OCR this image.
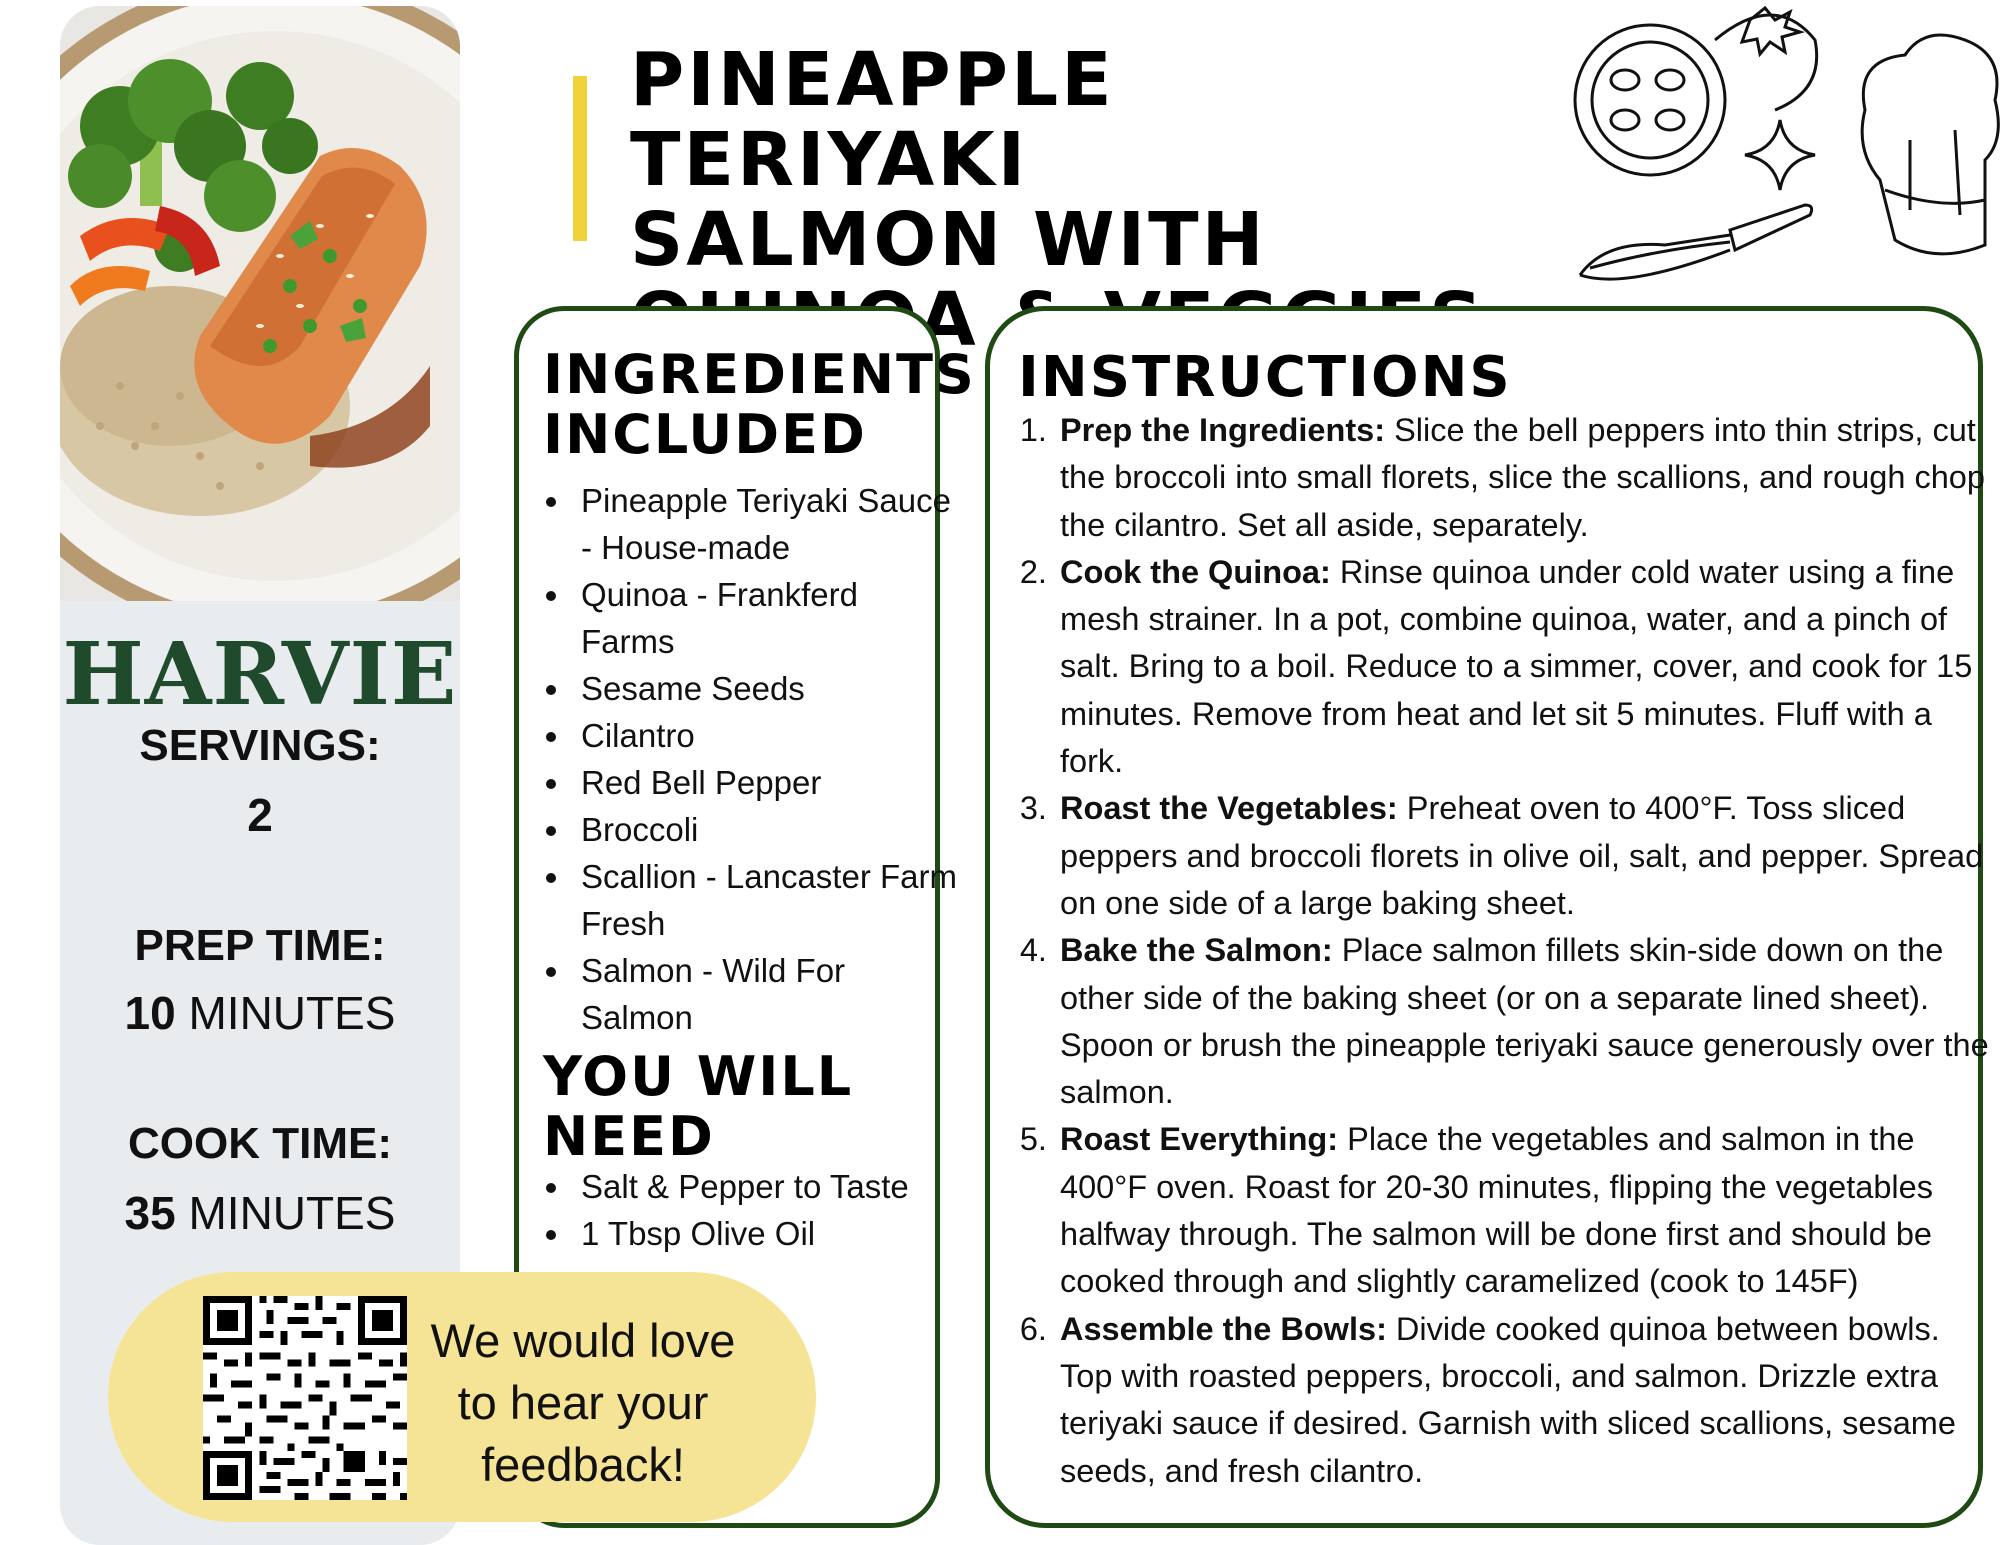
HARVIE
SERVINGS:
2
PREP TIME:
10 MINUTES
COOK TIME:
35 MINUTES
PINEAPPLE TERIYAKI
SALMON WITH
INGREDIENTS
INCLUDED
• Pineapple Teriyaki Sauce - House-made
• Quinoa - Frankferd Farms
• Sesame Seeds
• Cilantro
• Red Bell Pepper
• Broccoli
• Scallion - Lancaster Farm Fresh
• Salmon - Wild For Salmon
YOU WILL
NEED
• Salt & Pepper to Taste
• 1 Tbsp Olive Oil
INSTRUCTIONS
1. Prep the Ingredients: Slice the bell peppers into thin strips, cut the broccoli into small florets, slice the scallions, and rough chop the cilantro. Set all aside, separately.
2. Cook the Quinoa: Rinse quinoa under cold water using a fine mesh strainer. In a pot, combine quinoa, water, and a pinch of salt. Bring to a boil. Reduce to a simmer, cover, and cook for 15 minutes. Remove from heat and let sit 5 minutes. Fluff with a fork.
3. Roast the Vegetables: Preheat oven to 400°F. Toss sliced peppers and broccoli florets in olive oil, salt, and pepper. Spread on one side of a large baking sheet.
4. Bake the Salmon: Place salmon fillets skin-side down on the other side of the baking sheet (or on a separate lined sheet). Spoon or brush the pineapple teriyaki sauce generously over the salmon.
5. Roast Everything: Place the vegetables and salmon in the 400°F oven. Roast for 20-30 minutes, flipping the vegetables halfway through. The salmon will be done first and should be cooked through and slightly caramelized (cook to 145F)
6. Assemble the Bowls: Divide cooked quinoa between bowls. Top with roasted peppers, broccoli, and salmon. Drizzle extra teriyaki sauce if desired. Garnish with sliced scallions, sesame seeds, and fresh cilantro.
We would love
to hear your
feedback!
